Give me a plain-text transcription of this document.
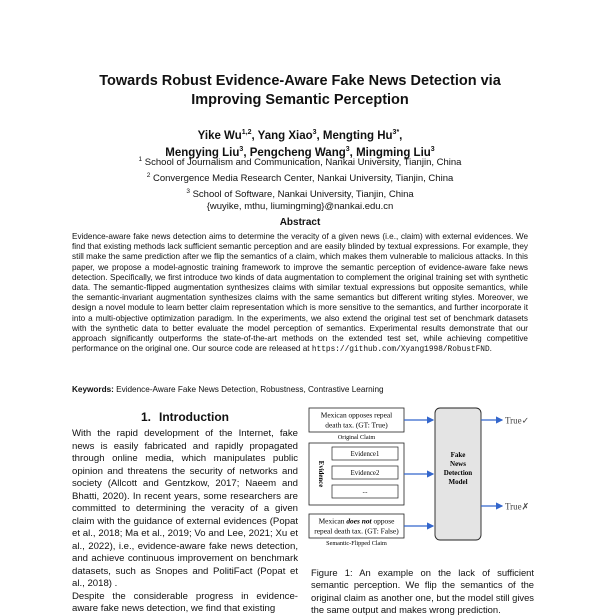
Towards Robust Evidence-Aware Fake News Detection via
Improving Semantic Perception
Yike Wu$^{1,2}$, Yang Xiao$^3$, Mengting $Hu^{3*}$,
Mengying Liu$^3$, Pengcheng Wang$^3$, Mingming Liu$^3$
$^1$ School of Journalism and Communication, Nankai University, Tianjin, China
$^2$ Convergence Media Research Center, Nankai University, Tianjin, China
$^3$ School of Software, Nankai University, Tianjin, China
{wuyike, mthu, liumingming}@nankai.edu.cn
Abstract
Evidence-aware fake news detection aims to determine the veracity of a given news (i.e., claim) with external evidences. We find that existing methods lack sufficient semantic perception and are easily blinded by textual expressions. For example, they still make the same prediction after we flip the semantics of a claim, which makes them vulnerable to malicious attacks. In this paper, we propose a model-agnostic training framework to improve the semantic perception of evidence-aware fake news detection. Specifically, we first introduce two kinds of data augmentation to complement the original training set with synthetic data. The semantic-flipped augmentation synthesizes claims with similar textual expressions but opposite semantics, while the semantic-invariant augmentation synthesizes claims with the same semantics but different writing styles. Moreover, we design a novel module to learn better claim representation which is more sensitive to the semantics, and further incorporate it into a multi-objective optimization paradigm. In the experiments, we also extend the original test set of benchmark datasets with the synthetic data to better evaluate the model perception of semantics. Experimental results demonstrate that our approach significantly outperforms the state-of-the-art methods on the extended test set, while achieving competitive performance on the original one. Our source code are released at https://github.com/Xyang1998/RobustFND.
Keywords: Evidence-Aware Fake News Detection, Robustness, Contrastive Learning
1. Introduction

With the rapid development of the Internet, fake news is easily fabricated and rapidly propagated through online media, which manipulates public opinion and threatens the security of networks and society (Allcott and Gentzkow, 2017; Naeem and Bhatti, 2020). In recent years, some researchers are committed to determining the veracity of a given claim with the guidance of external evidences (Popat et al., 2018; Ma et al., 2019; Vo and Lee, 2021; Xu et al., 2022), i.e., evidence-aware fake news detection, and achieve continuous improvement on benchmark datasets, such as Snopes and PolitiFact (Popat et al., 2018) .

Despite the considerable progress in evidence-aware fake news detection, we find that existing

Mexican opposes repeal
death tax. (GT: True)
Original Claim
Evidence
Evidence1
Evidence2
...
Mexican does not oppose
repeal death tax. (GT: False)
Semantic-Flipped Claim
Fake
News
Detection
Model
True✓
True✗
Figure 1: An example on the lack of sufficient semantic perception. We flip the semantics of the original claim as another one, but the model still gives the same output and makes wrong prediction.
